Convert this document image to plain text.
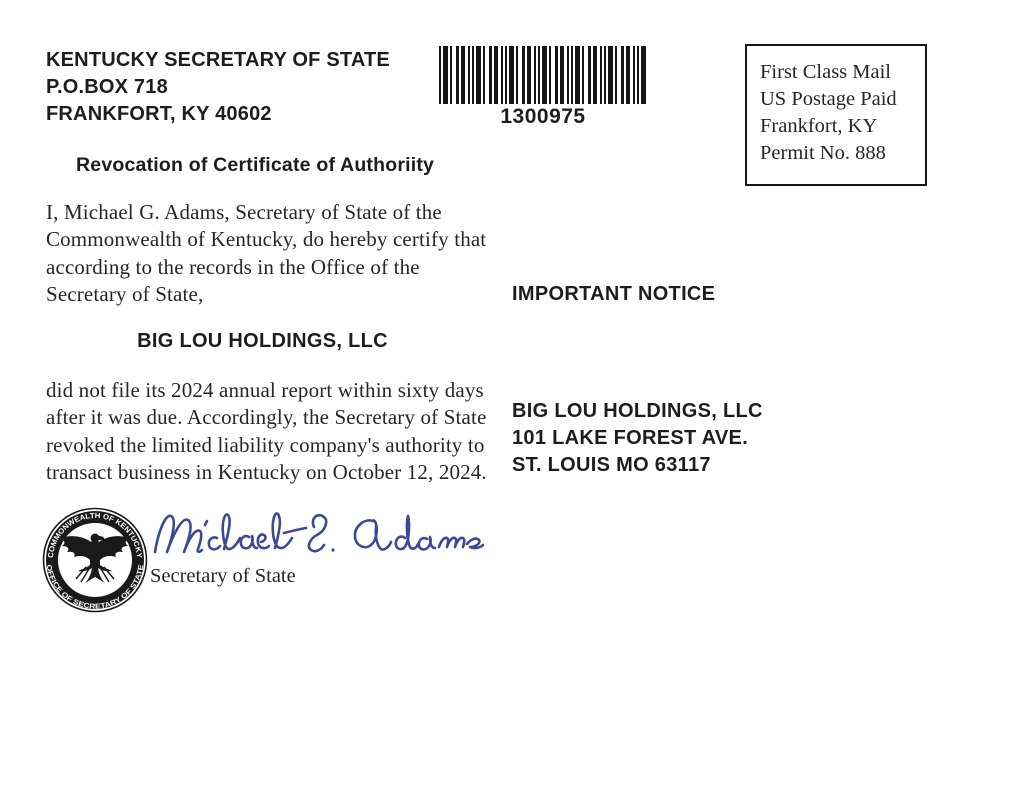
KENTUCKY SECRETARY OF STATE
P.O.BOX 718
FRANKFORT, KY 40602	1300975
First Class Mail
US Postage Paid
Frankfort, KY
Permit No. 888
Revocation of Certificate of Authoriity
I, Michael G. Adams, Secretary of State of the Commonwealth of Kentucky, do hereby certify that according to the records in the Office of the Secretary of State,
BIG LOU HOLDINGS, LLC
did not file its 2024 annual report within sixty days after it was due. Accordingly, the Secretary of State revoked the limited liability company's authority to transact business in Kentucky on October 12, 2024.
COMMONWEALTH OF KENTUCKY
OFFICE OF SECRETARY OF STATE Secretary of State
IMPORTANT NOTICE
BIG LOU HOLDINGS, LLC
101 LAKE FOREST AVE.
ST. LOUIS MO 63117
